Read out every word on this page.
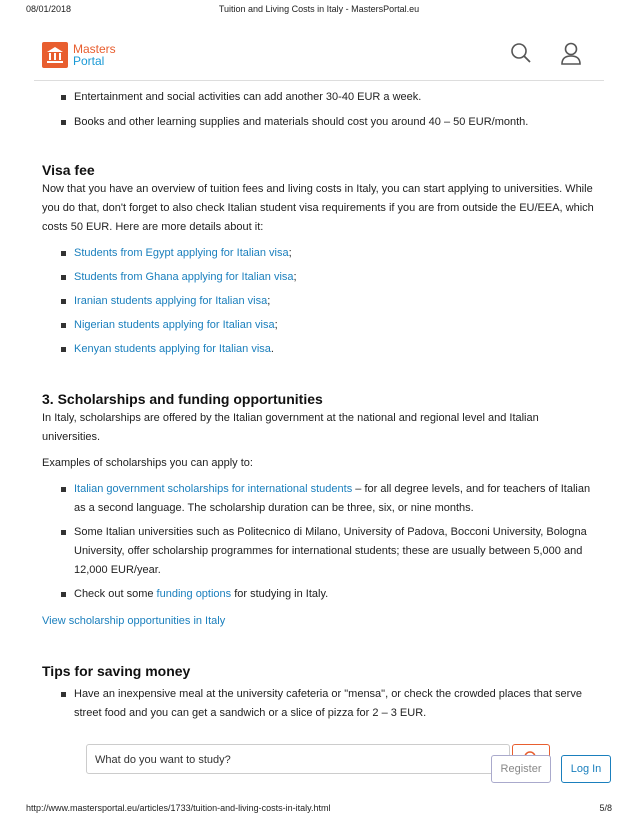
08/01/2018	Tuition and Living Costs in Italy - MastersPortal.eu
Masters
Portal
Entertainment and social activities can add another 30-40 EUR a week.
Books and other learning supplies and materials should cost you around 40 – 50 EUR/month.
Visa fee

Now that you have an overview of tuition fees and living costs in Italy, you can start applying to universities. While you do that, don't forget to also check Italian student visa requirements if you are from outside the EU/EEA, which costs 50 EUR. Here are more details about it:

Students from Egypt applying for Italian visa;
Students from Ghana applying for Italian visa;
Iranian students applying for Italian visa;
Nigerian students applying for Italian visa;
Kenyan students applying for Italian visa.
3. Scholarships and funding opportunities

In Italy, scholarships are offered by the Italian government at the national and regional level and Italian universities.

Examples of scholarships you can apply to:

Italian government scholarships for international students – for all degree levels, and for teachers of Italian as a second language. The scholarship duration can be three, six, or nine months.
Some Italian universities such as Politecnico di Milano, University of Padova, Bocconi University, Bologna University, offer scholarship programmes for international students; these are usually between 5,000 and 12,000 EUR/year.
Check out some funding options for studying in Italy.

View scholarship opportunities in Italy

Tips for saving money
Have an inexpensive meal at the university cafeteria or "mensa", or check the crowded places that serve street food and you can get a sandwich or a slice of pizza for 2 – 3 EUR.
What do you want to study?
Register	Log In
http://www.mastersportal.eu/articles/1733/tuition-and-living-costs-in-italy.html	5/8
